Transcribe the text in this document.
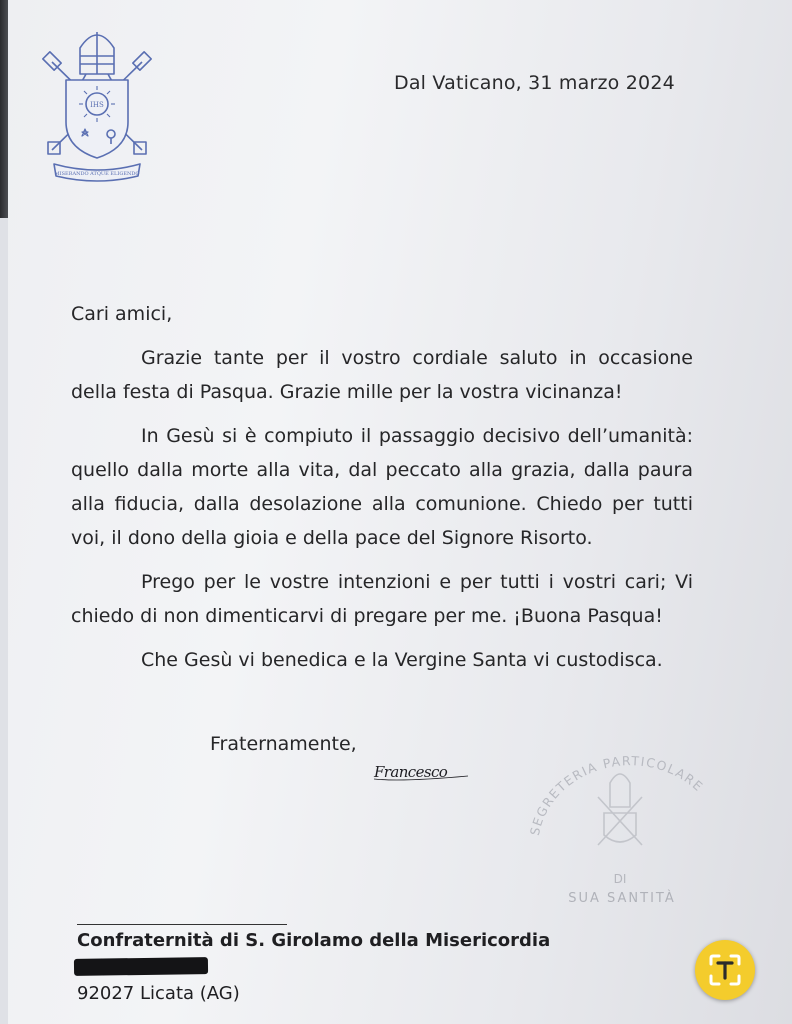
IHS
MISERANDO ATQUE ELIGENDO
Dal Vaticano, 31 marzo 2024

Cari amici,

Grazie tante per il vostro cordiale saluto in occasione della festa di Pasqua. Grazie mille per la vostra vicinanza!

In Gesù si è compiuto il passaggio decisivo dell’umanità: quello dalla morte alla vita, dal peccato alla grazia, dalla paura alla fiducia, dalla desolazione alla comunione. Chiedo per tutti voi, il dono della gioia e della pace del Signore Risorto.

Prego per le vostre intenzioni e per tutti i vostri cari; Vi chiedo di non dimenticarvi di pregare per me. ¡Buona Pasqua!

Che Gesù vi benedica e la Vergine Santa vi custodisca.

Fraternamente,
Francesco
SEGRETERIA PARTICOLARE
DI
SUA SANTITÀ
Confraternità di S. Girolamo della Misericordia
92027 Licata (AG)
